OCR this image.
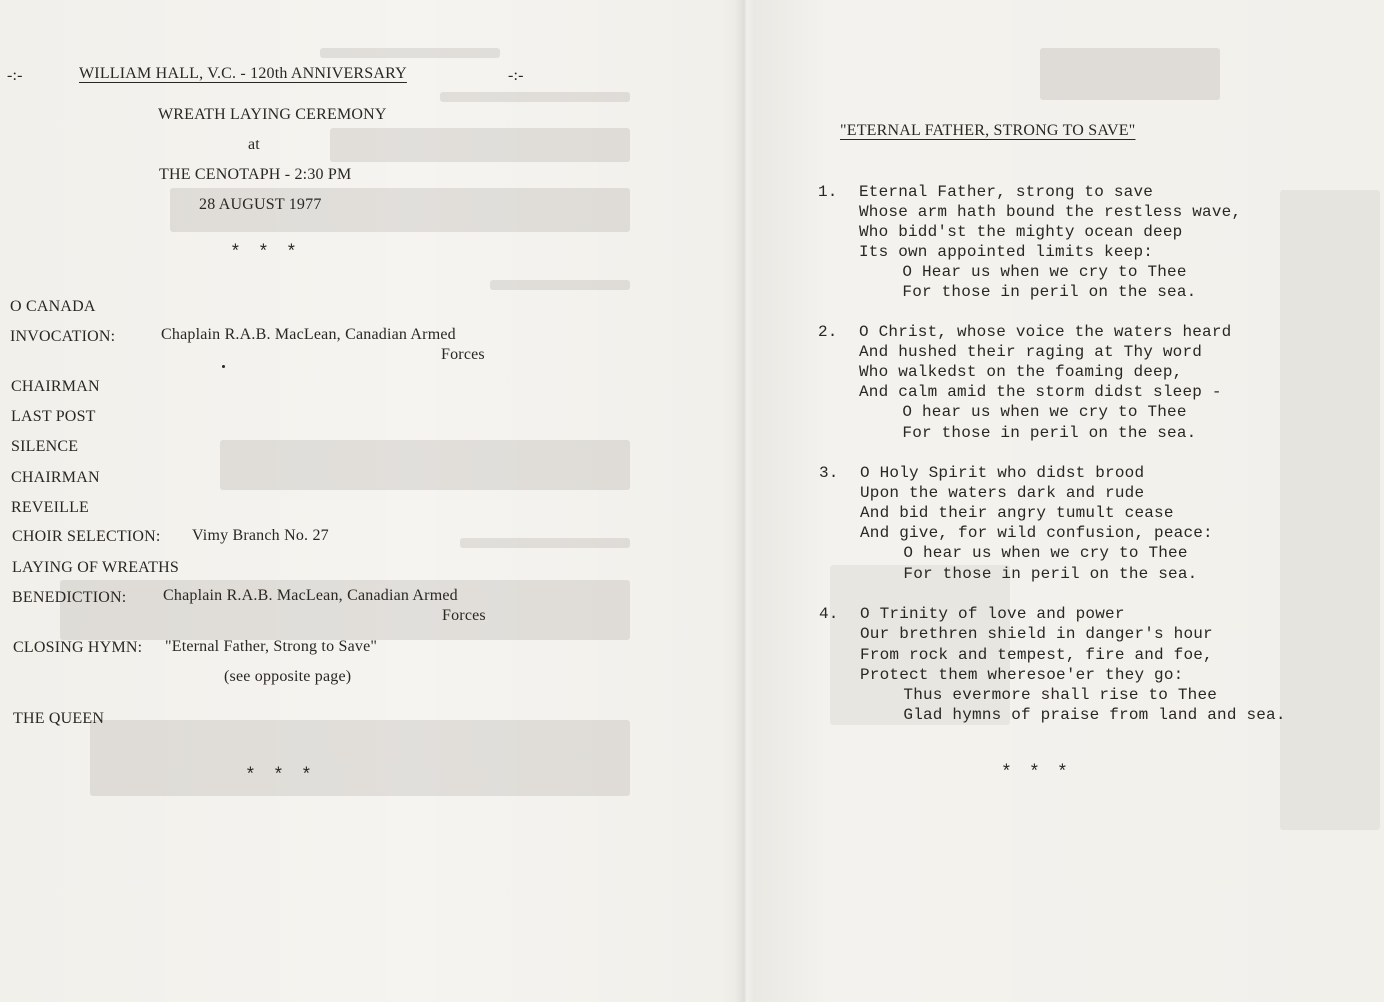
-:-	WILLIAM HALL, V.C. - 120th ANNIVERSARY	-:-
WREATH LAYING CEREMONY
at
THE CENOTAPH - 2:30 PM
28 AUGUST 1977
* * *
O CANADA
INVOCATION:	Chaplain R.A.B. MacLean, Canadian Armed
Forces
CHAIRMAN
LAST POST
SILENCE
CHAIRMAN
REVEILLE
CHOIR SELECTION: Vimy Branch No. 27
LAYING OF WREATHS
BENEDICTION: Chaplain R.A.B. MacLean, Canadian Armed
Forces
CLOSING HYMN: "Eternal Father, Strong to Save"
(see opposite page)
THE QUEEN
* * *
"ETERNAL FATHER, STRONG TO SAVE"
1. Eternal Father, strong to save
Whose arm hath bound the restless wave,
Who bidd'st the mighty ocean deep
Its own appointed limits keep:
O Hear us when we cry to Thee
For those in peril on the sea.
2. O Christ, whose voice the waters heard
And hushed their raging at Thy word
Who walkedst on the foaming deep,
And calm amid the storm didst sleep -
O hear us when we cry to Thee
For those in peril on the sea.
3. O Holy Spirit who didst brood
Upon the waters dark and rude
And bid their angry tumult cease
And give, for wild confusion, peace:
O hear us when we cry to Thee
For those in peril on the sea.
4. O Trinity of love and power
Our brethren shield in danger's hour
From rock and tempest, fire and foe,
Protect them wheresoe'er they go:
Thus evermore shall rise to Thee
Glad hymns of praise from land and sea.
* * *
